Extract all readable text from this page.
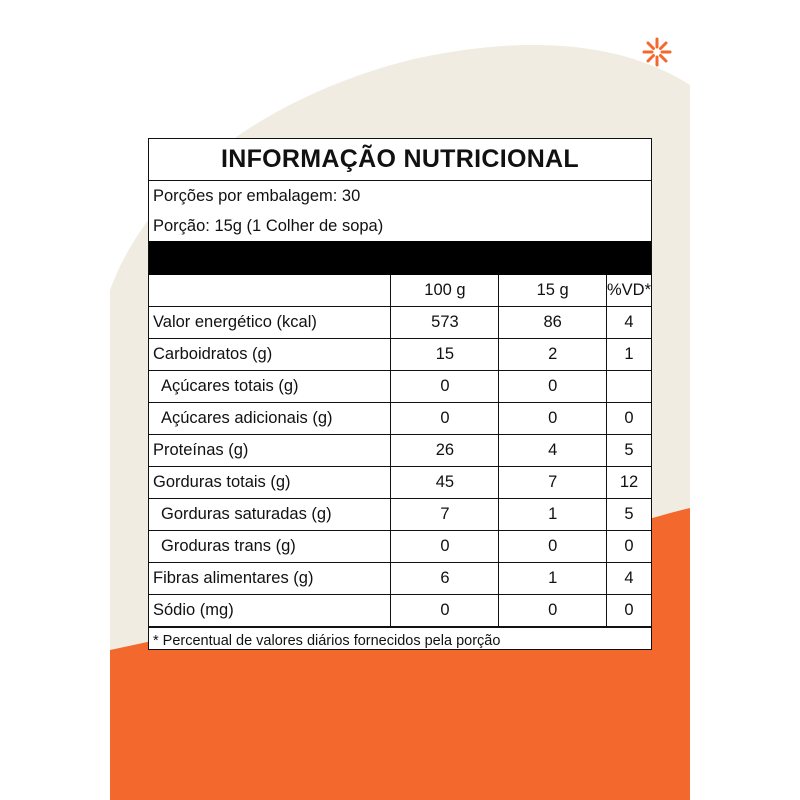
INFORMAÇÃO NUTRICIONAL
Porções por embalagem: 30
Porção: 15g (1 Colher de sopa)
	100 g	15 g	%VD*
Valor energético (kcal)	573	86	4
Carboidratos (g)	15	2	1
Açúcares totais (g)	0	0	
Açúcares adicionais (g)	0	0	0
Proteínas (g)	26	4	5
Gorduras totais (g)	45	7	12
Gorduras saturadas (g)	7	1	5
Groduras trans (g)	0	0	0
Fibras alimentares (g)	6	1	4
Sódio (mg)	0	0	0
* Percentual de valores diários fornecidos pela porção
